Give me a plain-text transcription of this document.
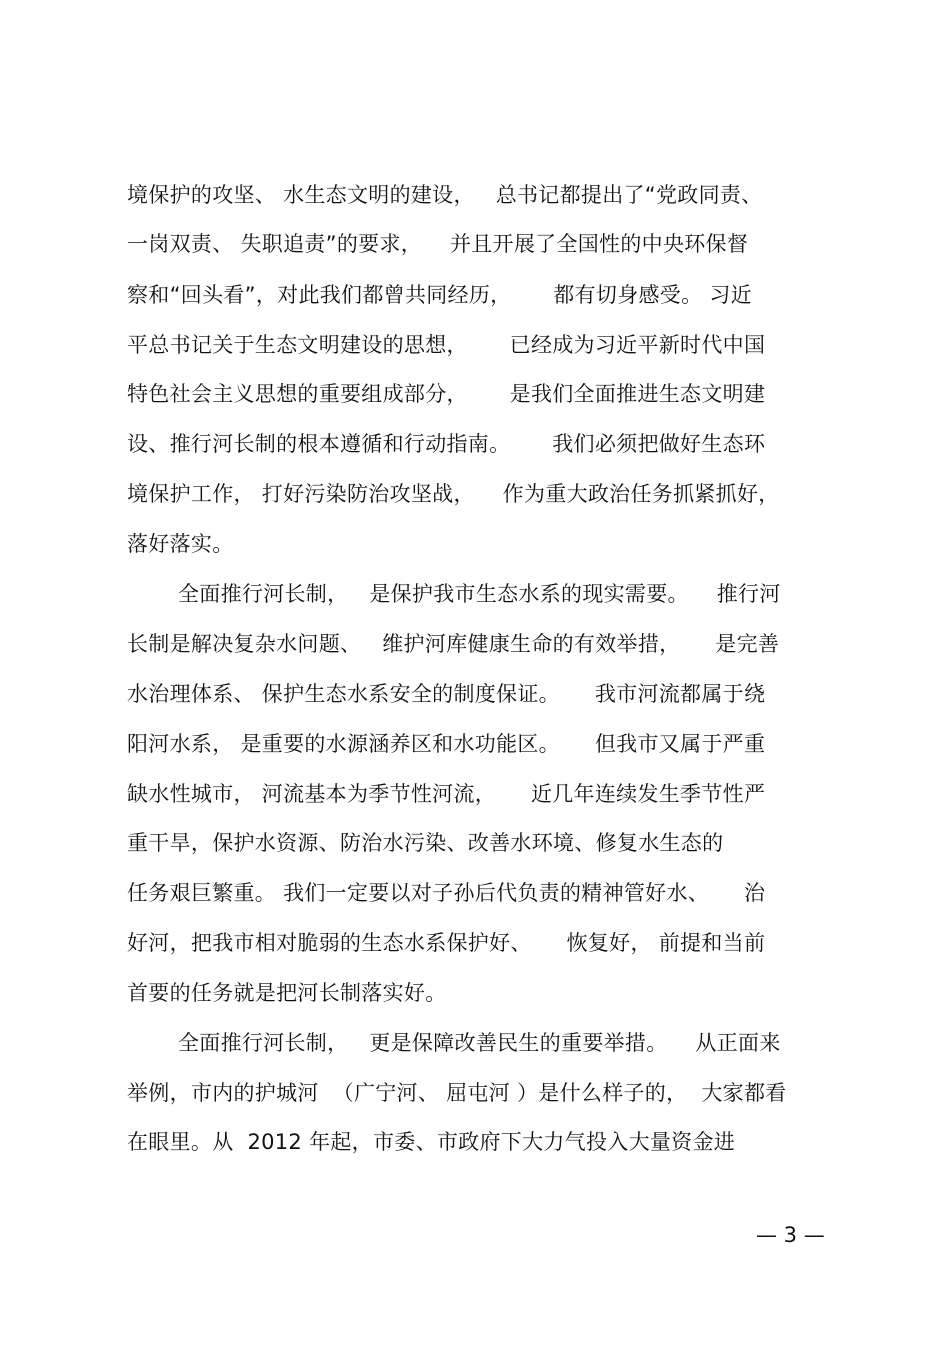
境保护的攻坚、 水生态文明的建设，   总书记都提出了“党政同责、
一岗双责、 失职追责”的要求，    并且开展了全国性的中央环保督
察和“回头看”，对此我们都曾共同经历，      都有切身感受。 习近
平总书记关于生态文明建设的思想，      已经成为习近平新时代中国
特色社会主义思想的重要组成部分，      是我们全面推进生态文明建
设、推行河长制的根本遵循和行动指南。      我们必须把做好生态环
境保护工作， 打好污染防治攻坚战，    作为重大政治任务抓紧抓好，
落好落实。
全面推行河长制，   是保护我市生态水系的现实需要。    推行河
长制是解决复杂水问题、   维护河库健康生命的有效举措，     是完善
水治理体系、 保护生态水系安全的制度保证。     我市河流都属于绕
阳河水系， 是重要的水源涵养区和水功能区。     但我市又属于严重
缺水性城市， 河流基本为季节性河流，     近几年连续发生季节性严
重干旱，保护水资源、防治水污染、改善水环境、修复水生态的
任务艰巨繁重。 我们一定要以对子孙后代负责的精神管好水、     治
好河，把我市相对脆弱的生态水系保护好、     恢复好， 前提和当前
首要的任务就是把河长制落实好。
全面推行河长制，   更是保障改善民生的重要举措。    从正面来
举例，市内的护城河  （广宁河、 屈屯河 ）是什么样子的，  大家都看
在眼里。从  2012 年起，市委、市政府下大力气投入大量资金进
— 3 —
